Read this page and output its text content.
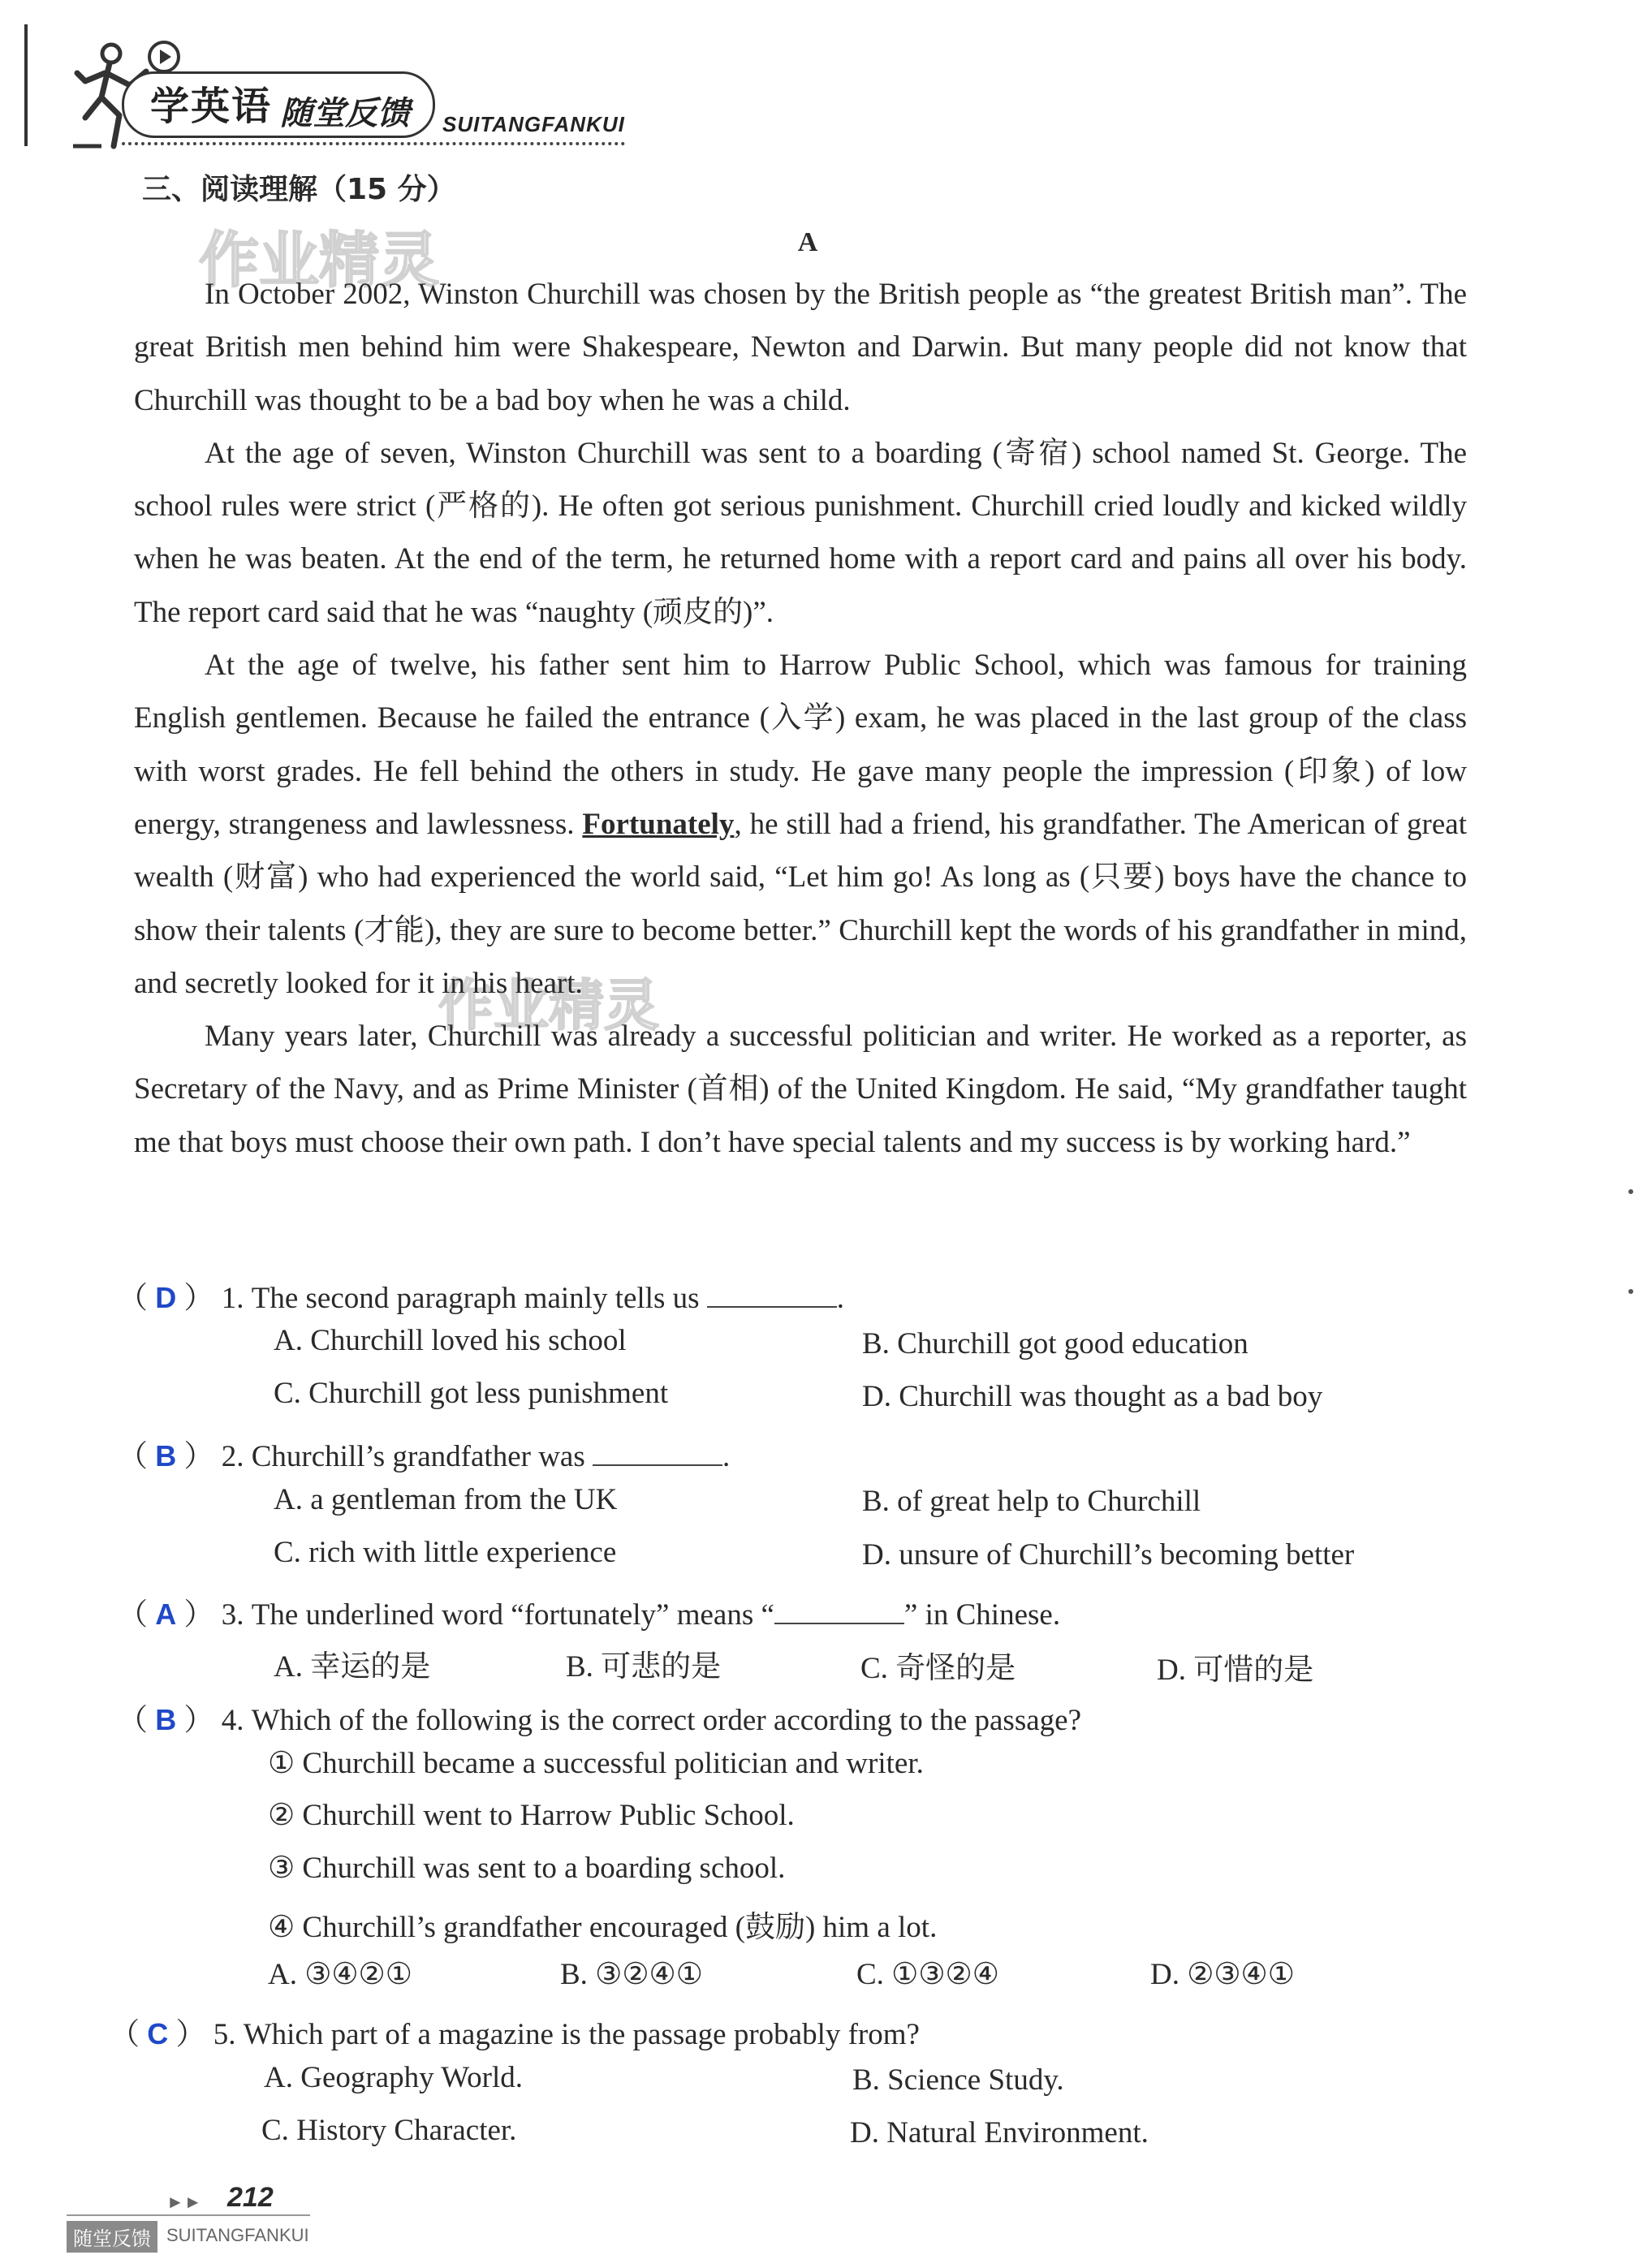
学英语 随堂反馈 SUITANGFANKUI
作业精灵
作业精灵
三、阅读理解（15 分）
A

In October 2002, Winston Churchill was chosen by the British people as “the greatest British man”. The great British men behind him were Shakespeare, Newton and Darwin. But many people did not know that Churchill was thought to be a bad boy when he was a child.

At the age of seven, Winston Churchill was sent to a boarding (寄宿) school named St. George. The school rules were strict (严格的). He often got serious punishment. Churchill cried loudly and kicked wildly when he was beaten. At the end of the term, he returned home with a report card and pains all over his body. The report card said that he was “naughty (顽皮的)”.

At the age of twelve, his father sent him to Harrow Public School, which was famous for training English gentlemen. Because he failed the entrance (入学) exam, he was placed in the last group of the class with worst grades. He fell behind the others in study. He gave many people the impression (印象) of low energy, strangeness and lawlessness. Fortunately, he still had a friend, his grandfather. The American of great wealth (财富) who had experienced the world said, “Let him go! As long as (只要) boys have the chance to show their talents (才能), they are sure to become better.” Churchill kept the words of his grandfather in mind, and secretly looked for it in his heart.

Many years later, Churchill was already a successful politician and writer. He worked as a reporter, as Secretary of the Navy, and as Prime Minister (首相) of the United Kingdom. He said, “My grandfather taught me that boys must choose their own path. I don’t have special talents and my success is by working hard.”

（ D ） 1. The second paragraph mainly tells us	.
A. Churchill loved his school	B. Churchill got good education
C. Churchill got less punishment	D. Churchill was thought as a bad boy
（ B ） 2. Churchill’s grandfather was	.
A. a gentleman from the UK	B. of great help to Churchill
C. rich with little experience	D. unsure of Churchill’s becoming better
（ A ） 3. The underlined word “fortunately” means “	” in Chinese.
A. 幸运的是	B. 可悲的是	C. 奇怪的是	D. 可惜的是
（ B ） 4. Which of the following is the correct order according to the passage?
① Churchill became a successful politician and writer.
② Churchill went to Harrow Public School.
③ Churchill was sent to a boarding school.
④ Churchill’s grandfather encouraged (鼓励) him a lot.
A. ③④②①	B. ③②④①	C. ①③②④	D. ②③④①
（ C ） 5. Which part of a magazine is the passage probably from?
A. Geography World.	B. Science Study.
C. History Character.	D. Natural Environment.
►► 212
随堂反馈 SUITANGFANKUI
